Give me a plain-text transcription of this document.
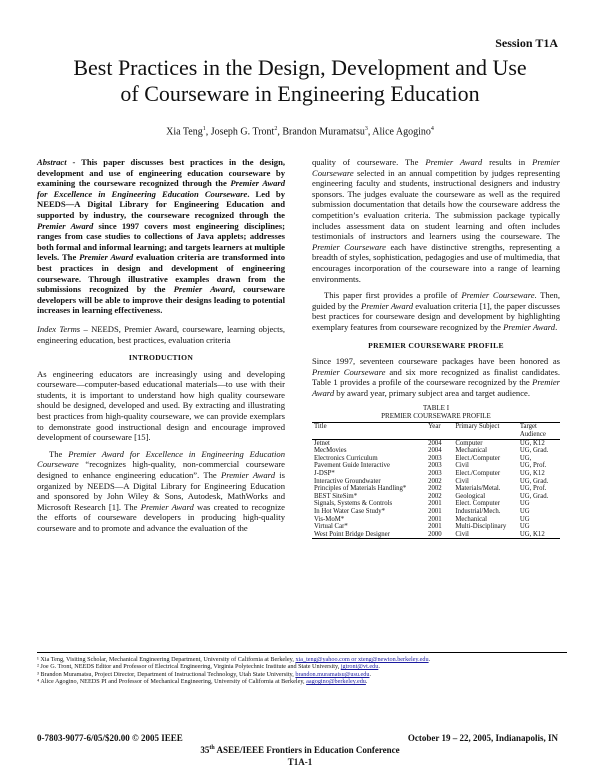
Session T1A
Best Practices in the Design, Development and Use
of Courseware in Engineering Education
Xia Teng$^1$, Joseph G. Tront$^2$, Brandon Muramatsu$^3$, Alice Agogino$^4$

Abstract - This paper discusses best practices in the design, development and use of engineering education courseware by examining the courseware recognized through the Premier Award for Excellence in Engineering Education Courseware. Led by NEEDS—A Digital Library for Engineering Education and supported by industry, the courseware recognized through the Premier Award since 1997 covers most engineering disciplines; ranges from case studies to collections of Java applets; addresses both formal and informal learning; and targets learners at multiple levels. The Premier Award evaluation criteria are transformed into best practices in design and development of engineering courseware. Through illustrative examples drawn from the submissions recognized by the Premier Award, courseware developers will be able to improve their designs leading to potential increases in learning effectiveness.

Index Terms – NEEDS, Premier Award, courseware, learning objects, engineering education, best practices, evaluation criteria

INTRODUCTION

As engineering educators are increasingly using and developing courseware—computer-based educational materials—to use with their students, it is important to understand how high quality courseware should be designed, developed and used. By extracting and illustrating best practices from high-quality courseware, we can provide exemplars to demonstrate good instructional design and encourage improved development of courseware [15].

The Premier Award for Excellence in Engineering Education Courseware “recognizes high-quality, non-commercial courseware designed to enhance engineering education”. The Premier Award is organized by NEEDS—A Digital Library for Engineering Education and sponsored by John Wiley & Sons, Autodesk, MathWorks and Microsoft Research [1]. The Premier Award was created to recognize the efforts of courseware developers in producing high-quality courseware and to promote and advance the evaluation of the

quality of courseware. The Premier Award results in Premier Courseware selected in an annual competition by judges representing engineering faculty and students, instructional designers and industry sponsors. The judges evaluate the courseware as well as the required submission documentation that details how the courseware address the competition’s evaluation criteria. The submission package typically includes assessment data on student learning and often includes testimonials of instructors and learners using the courseware. The Premier Courseware each have distinctive strengths, representing a breadth of styles, sophistication, pedagogies and use of multimedia, that encourages incorporation of the courseware into a range of learning environments.

This paper first provides a profile of Premier Courseware. Then, guided by the Premier Award evaluation criteria [1], the paper discusses best practices for courseware design and development by highlighting exemplary features from courseware recognized by the Premier Award.

PREMIER COURSEWARE PROFILE

Since 1997, seventeen courseware packages have been honored as Premier Courseware and six more recognized as finalist candidates. Table 1 provides a profile of the courseware recognized by the Premier Award by award year, primary subject area and target audience.

TABLE I
PREMIER COURSEWARE PROFILE
Title	Year	Primary Subject	Target Audience
Jetnet	2004	Computer	UG, K12
MecMovies	2004	Mechanical	UG, Grad.
Electronics Curriculum	2003	Elect./Computer	UG,
Pavement Guide Interactive	2003	Civil	UG, Prof.
J-DSP*	2003	Elect./Computer	UG, K12
Interactive Groundwater	2002	Civil	UG, Grad.
Principles of Materials Handling*	2002	Materials/Metal.	UG, Prof.
BEST SiteSim*	2002	Geological	UG, Grad.
Signals, Systems & Controls	2001	Elect. Computer	UG
In Hot Water Case Study*	2001	Industrial/Mech.	UG
Vis-MoM*	2001	Mechanical	UG
Virtual Car*	2001	Multi-Disciplinary	UG
West Point Bridge Designer	2000	Civil	UG, K12
¹ Xia Teng, Visiting Scholar, Mechanical Engineering Department, University of California at Berkeley, xia_teng@yahoo.com or xteng@newton.berkeley.edu.
² Joe G. Tront, NEEDS Editor and Professor of Electrical Engineering, Virginia Polytechnic Institute and State University, jgtront@vt.edu.
³ Brandon Muramatsu, Project Director, Department of Instructional Technology, Utah State University, brandon.muramatsu@usu.edu.
⁴ Alice Agogino, NEEDS PI and Professor of Mechanical Engineering, University of California at Berkeley, aagogino@berkeley.edu.
0-7803-9077-6/05/$20.00 © 2005 IEEE	October 19 – 22, 2005, Indianapolis, IN
35th ASEE/IEEE Frontiers in Education Conference
T1A-1
